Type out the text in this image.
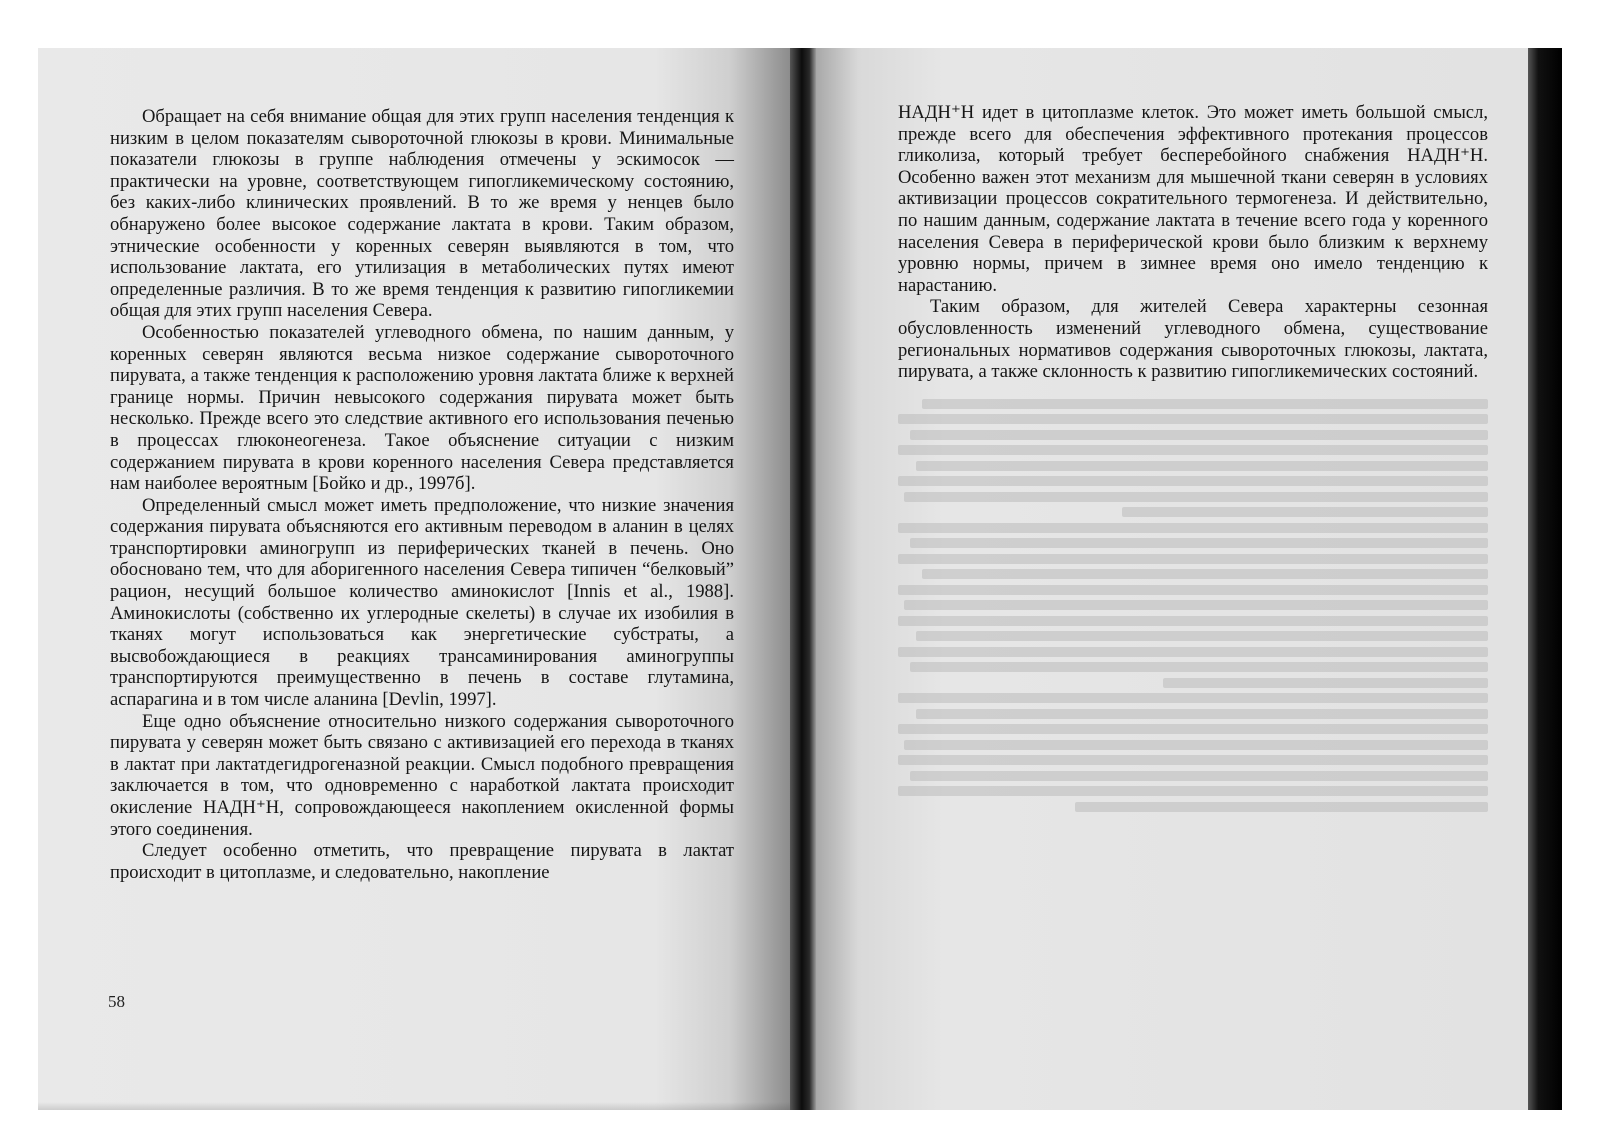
Обращает на себя внимание общая для этих групп населения тенденция к низким в целом показателям сывороточной глюкозы в крови. Минимальные показатели глюкозы в группе наблюдения отмечены у эскимосок — практически на уровне, соответствующем гипогликемическому состоянию, без каких-либо клинических проявлений. В то же время у ненцев было обнаружено более высокое содержание лактата в крови. Таким образом, этнические особенности у коренных северян выявляются в том, что использование лактата, его утилизация в метаболических путях имеют определенные различия. В то же время тенденция к развитию гипогликемии общая для этих групп населения Севера.

Особенностью показателей углеводного обмена, по нашим данным, у коренных северян являются весьма низкое содержание сывороточного пирувата, а также тенденция к расположению уровня лактата ближе к верхней границе нормы. Причин невысокого содержания пирувата может быть несколько. Прежде всего это следствие активного его использования печенью в процессах глюконеогенеза. Такое объяснение ситуации с низким содержанием пирувата в крови коренного населения Севера представляется нам наиболее вероятным [Бойко и др., 1997б].

Определенный смысл может иметь предположение, что низкие значения содержания пирувата объясняются его активным переводом в аланин в целях транспортировки аминогрупп из периферических тканей в печень. Оно обосновано тем, что для аборигенного населения Севера типичен “белковый” рацион, несущий большое количество аминокислот [Innis et al., 1988]. Аминокислоты (собственно их углеродные скелеты) в случае их изобилия в тканях могут использоваться как энергетические субстраты, а высвобождающиеся в реакциях трансаминирования аминогруппы транспортируются преимущественно в печень в составе глутамина, аспарагина и в том числе аланина [Devlin, 1997].

Еще одно объяснение относительно низкого содержания сывороточного пирувата у северян может быть связано с активизацией его перехода в тканях в лактат при лактатдегидрогеназной реакции. Смысл подобного превращения заключается в том, что одновременно с наработкой лактата происходит окисление НАДН⁺Н, сопровождающееся накоплением окисленной формы этого соединения.

Следует особенно отметить, что превращение пирувата в лактат происходит в цитоплазме, и следовательно, накопление

58

НАДН⁺Н идет в цитоплазме клеток. Это может иметь большой смысл, прежде всего для обеспечения эффективного протекания процессов гликолиза, который требует бесперебойного снабжения НАДН⁺Н. Особенно важен этот механизм для мышечной ткани северян в условиях активизации процессов сократительного термогенеза. И действительно, по нашим данным, содержание лактата в течение всего года у коренного населения Севера в периферической крови было близким к верхнему уровню нормы, причем в зимнее время оно имело тенденцию к нарастанию.

Таким образом, для жителей Севера характерны сезонная обусловленность изменений углеводного обмена, существование региональных нормативов содержания сывороточных глюкозы, лактата, пирувата, а также склонность к развитию гипогликемических состояний.
